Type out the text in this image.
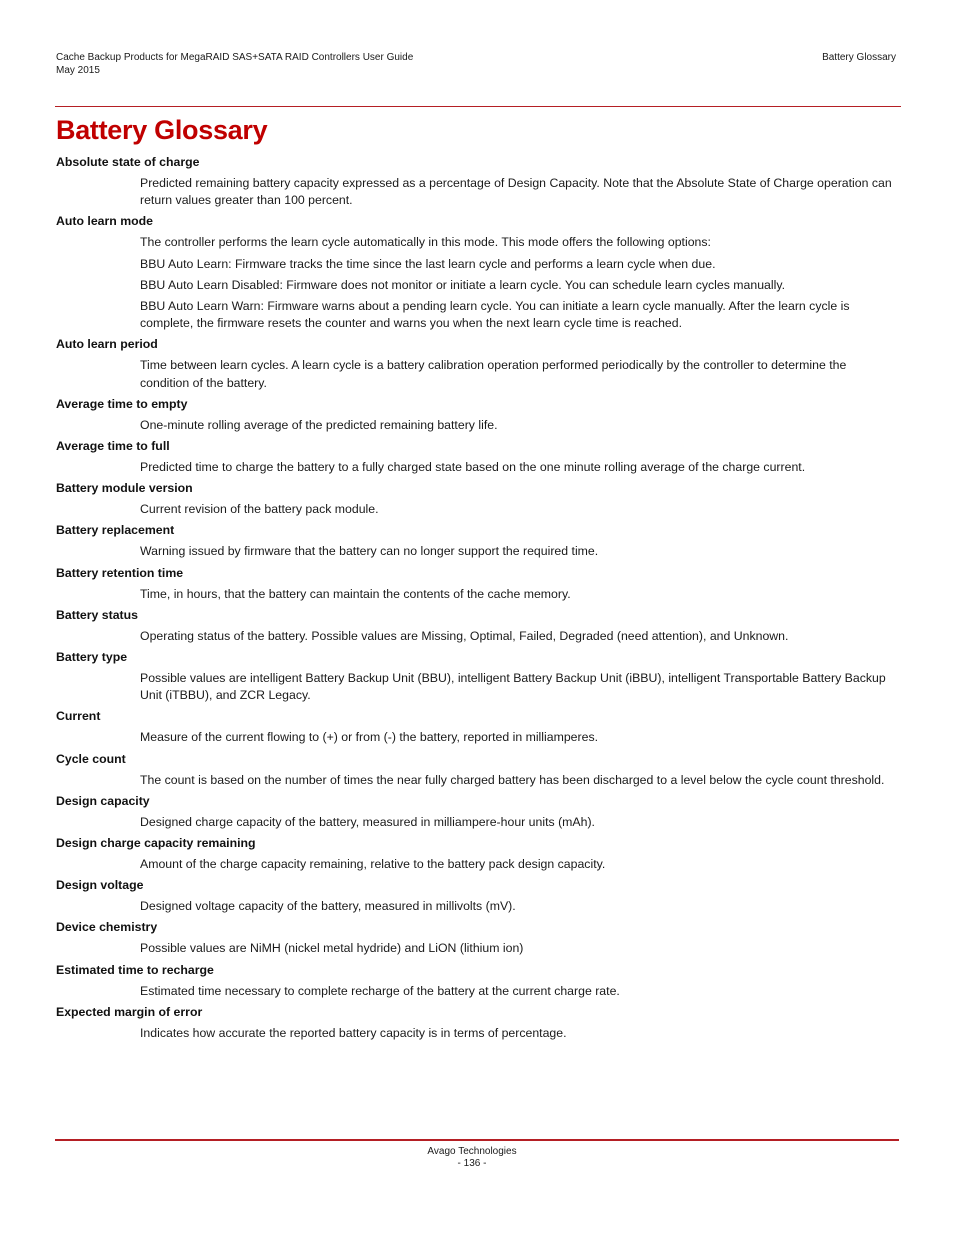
Cache Backup Products for MegaRAID SAS+SATA RAID Controllers User Guide
May 2015
Battery Glossary
Battery Glossary
Absolute state of charge
Predicted remaining battery capacity expressed as a percentage of Design Capacity. Note that the Absolute State of Charge operation can return values greater than 100 percent.
Auto learn mode
The controller performs the learn cycle automatically in this mode. This mode offers the following options:
BBU Auto Learn: Firmware tracks the time since the last learn cycle and performs a learn cycle when due.
BBU Auto Learn Disabled: Firmware does not monitor or initiate a learn cycle. You can schedule learn cycles manually.
BBU Auto Learn Warn: Firmware warns about a pending learn cycle. You can initiate a learn cycle manually. After the learn cycle is complete, the firmware resets the counter and warns you when the next learn cycle time is reached.
Auto learn period
Time between learn cycles. A learn cycle is a battery calibration operation performed periodically by the controller to determine the condition of the battery.
Average time to empty
One-minute rolling average of the predicted remaining battery life.
Average time to full
Predicted time to charge the battery to a fully charged state based on the one minute rolling average of the charge current.
Battery module version
Current revision of the battery pack module.
Battery replacement
Warning issued by firmware that the battery can no longer support the required time.
Battery retention time
Time, in hours, that the battery can maintain the contents of the cache memory.
Battery status
Operating status of the battery. Possible values are Missing, Optimal, Failed, Degraded (need attention), and Unknown.
Battery type
Possible values are intelligent Battery Backup Unit (BBU), intelligent Battery Backup Unit (iBBU), intelligent Transportable Battery Backup Unit (iTBBU), and ZCR Legacy.
Current
Measure of the current flowing to (+) or from (-) the battery, reported in milliamperes.
Cycle count
The count is based on the number of times the near fully charged battery has been discharged to a level below the cycle count threshold.
Design capacity
Designed charge capacity of the battery, measured in milliampere-hour units (mAh).
Design charge capacity remaining
Amount of the charge capacity remaining, relative to the battery pack design capacity.
Design voltage
Designed voltage capacity of the battery, measured in millivolts (mV).
Device chemistry
Possible values are NiMH (nickel metal hydride) and LiON (lithium ion)
Estimated time to recharge
Estimated time necessary to complete recharge of the battery at the current charge rate.
Expected margin of error
Indicates how accurate the reported battery capacity is in terms of percentage.
Avago Technologies
- 136 -
